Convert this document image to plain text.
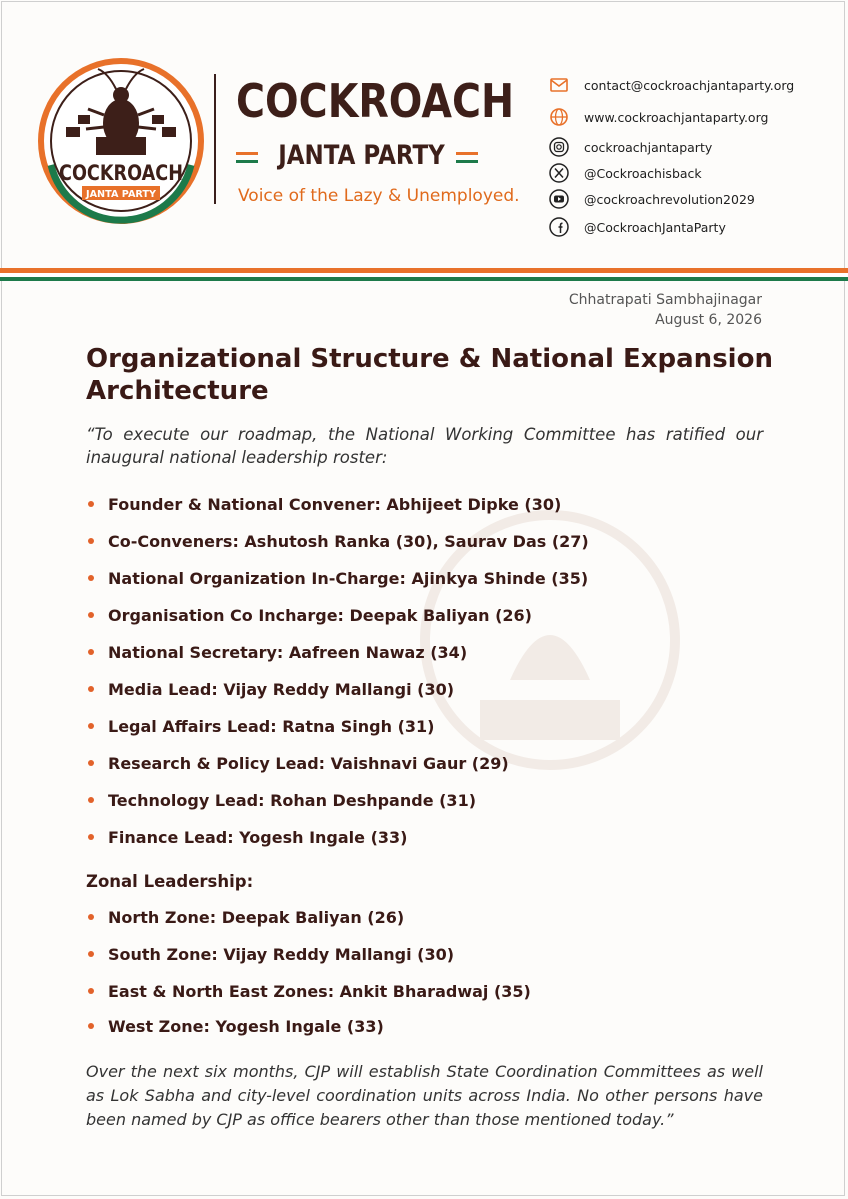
COCKROACH
JANTA PARTY
COCKROACH
JANTA PARTY
Voice of the Lazy & Unemployed.
contact@cockroachjantaparty.org
www.cockroachjantaparty.org
cockroachjantaparty
@Cockroachisback
@cockroachrevolution2029
@CockroachJantaParty
Chhatrapati Sambhajinagar
August 6, 2026
Organizational Structure & National Expansion Architecture
“To execute our roadmap, the National Working Committee has ratified our inaugural national leadership roster:
Founder & National Convener: Abhijeet Dipke (30)
Co-Conveners: Ashutosh Ranka (30), Saurav Das (27)
National Organization In-Charge: Ajinkya Shinde (35)
Organisation Co Incharge: Deepak Baliyan (26)
National Secretary: Aafreen Nawaz (34)
Media Lead: Vijay Reddy Mallangi (30)
Legal Affairs Lead: Ratna Singh (31)
Research & Policy Lead: Vaishnavi Gaur (29)
Technology Lead: Rohan Deshpande (31)
Finance Lead: Yogesh Ingale (33)
Zonal Leadership:
North Zone: Deepak Baliyan (26)
South Zone: Vijay Reddy Mallangi (30)
East & North East Zones: Ankit Bharadwaj (35)
West Zone: Yogesh Ingale (33)
Over the next six months, CJP will establish State Coordination Committees as well as Lok Sabha and city-level coordination units across India. No other persons have been named by CJP as office bearers other than those mentioned today.”
